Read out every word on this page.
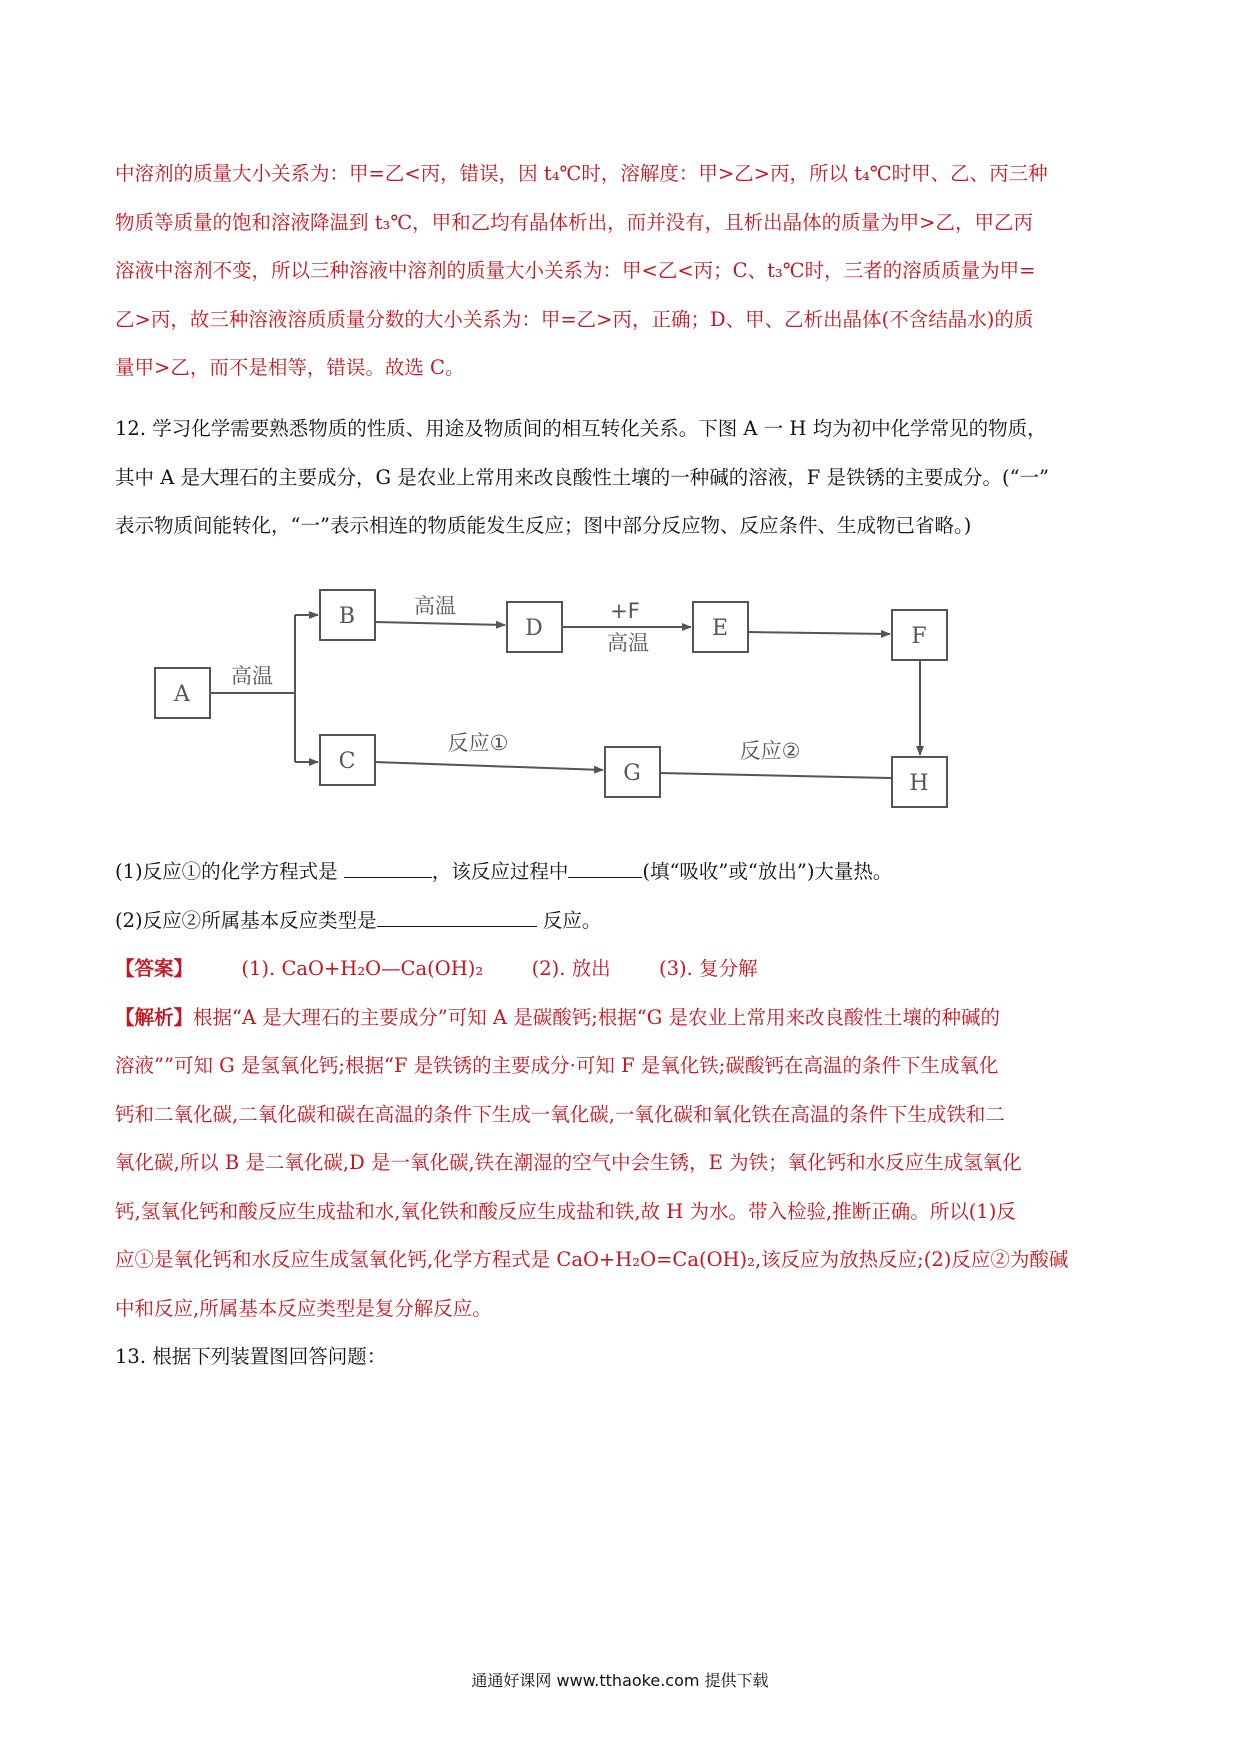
中溶剂的质量大小关系为：甲=乙<丙，错误，因 t₄℃时，溶解度：甲>乙>丙，所以 t₄℃时甲、乙、丙三种

物质等质量的饱和溶液降温到 t₃℃，甲和乙均有晶体析出，而并没有，且析出晶体的质量为甲>乙，甲乙丙

溶液中溶剂不变，所以三种溶液中溶剂的质量大小关系为：甲<乙<丙；C、t₃℃时，三者的溶质质量为甲=

乙>丙，故三种溶液溶质质量分数的大小关系为：甲=乙>丙，正确；D、甲、乙析出晶体(不含结晶水)的质

量甲>乙，而不是相等，错误。故选 C。

12. 学习化学需要熟悉物质的性质、用途及物质间的相互转化关系。下图 A 一 H 均为初中化学常见的物质，

其中 A 是大理石的主要成分，G 是农业上常用来改良酸性土壤的一种碱的溶液，F 是铁锈的主要成分。(“一”

表示物质间能转化，“一”表示相连的物质能发生反应；图中部分反应物、反应条件、生成物已省略。)

A
B
C
D	E	F
G	H
高温
高温	+F
高温
反应①	反应②

(1)反应①的化学方程式是	，该反应过程中	(填“吸收”或“放出”)大量热。

(2)反应②所属基本反应类型是	反应。

【答案】 (1). CaO+H₂O—Ca(OH)₂ (2). 放出 (3). 复分解

【解析】根据“A 是大理石的主要成分”可知 A 是碳酸钙;根据“G 是农业上常用来改良酸性土壤的种碱的

溶液””可知 G 是氢氧化钙;根据“F 是铁锈的主要成分·可知 F 是氧化铁;碳酸钙在高温的条件下生成氧化

钙和二氧化碳,二氧化碳和碳在高温的条件下生成一氧化碳,一氧化碳和氧化铁在高温的条件下生成铁和二

氧化碳,所以 B 是二氧化碳,D 是一氧化碳,铁在潮湿的空气中会生锈，E 为铁；氧化钙和水反应生成氢氧化

钙,氢氧化钙和酸反应生成盐和水,氧化铁和酸反应生成盐和铁,故 H 为水。带入检验,推断正确。所以(1)反

应①是氧化钙和水反应生成氢氧化钙,化学方程式是 CaO+H₂O=Ca(OH)₂,该反应为放热反应;(2)反应②为酸碱

中和反应,所属基本反应类型是复分解反应。

13. 根据下列装置图回答问题：

通通好课网 www.tthaoke.com 提供下载
